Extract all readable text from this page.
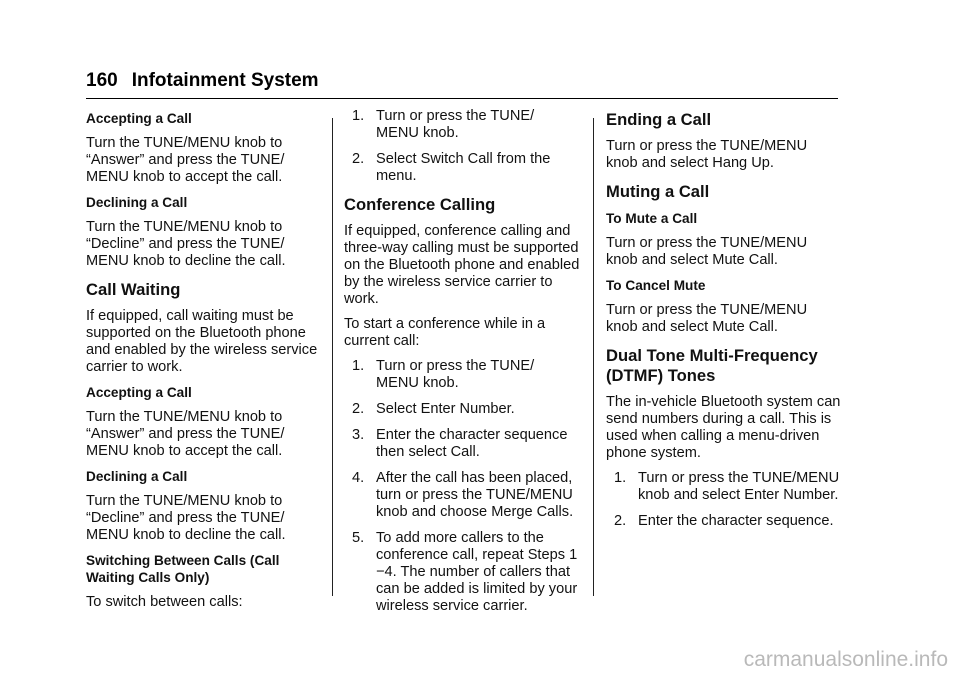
160 Infotainment System
Accepting a Call

Turn the TUNE/MENU knob to “Answer” and press the TUNE/ MENU knob to accept the call.

Declining a Call

Turn the TUNE/MENU knob to “Decline” and press the TUNE/ MENU knob to decline the call.

Call Waiting

If equipped, call waiting must be supported on the Bluetooth phone and enabled by the wireless service carrier to work.

Accepting a Call

Turn the TUNE/MENU knob to “Answer” and press the TUNE/ MENU knob to accept the call.

Declining a Call

Turn the TUNE/MENU knob to “Decline” and press the TUNE/ MENU knob to decline the call.

Switching Between Calls (Call Waiting Calls Only)

To switch between calls:

1. Turn or press the TUNE/ MENU knob.
2. Select Switch Call from the menu.
Conference Calling

If equipped, conference calling and three-way calling must be supported on the Bluetooth phone and enabled by the wireless service carrier to work.

To start a conference while in a current call:

1. Turn or press the TUNE/ MENU knob.
2. Select Enter Number.
3. Enter the character sequence then select Call.
4. After the call has been placed, turn or press the TUNE/MENU knob and choose Merge Calls.
5. To add more callers to the conference call, repeat Steps 1 −4. The number of callers that can be added is limited by your wireless service carrier.
Ending a Call

Turn or press the TUNE/MENU knob and select Hang Up.

Muting a Call
To Mute a Call

Turn or press the TUNE/MENU knob and select Mute Call.

To Cancel Mute

Turn or press the TUNE/MENU knob and select Mute Call.

Dual Tone Multi-Frequency (DTMF) Tones

The in-vehicle Bluetooth system can send numbers during a call. This is used when calling a menu-driven phone system.

1. Turn or press the TUNE/MENU knob and select Enter Number.
2. Enter the character sequence.
carmanualsonline.info
